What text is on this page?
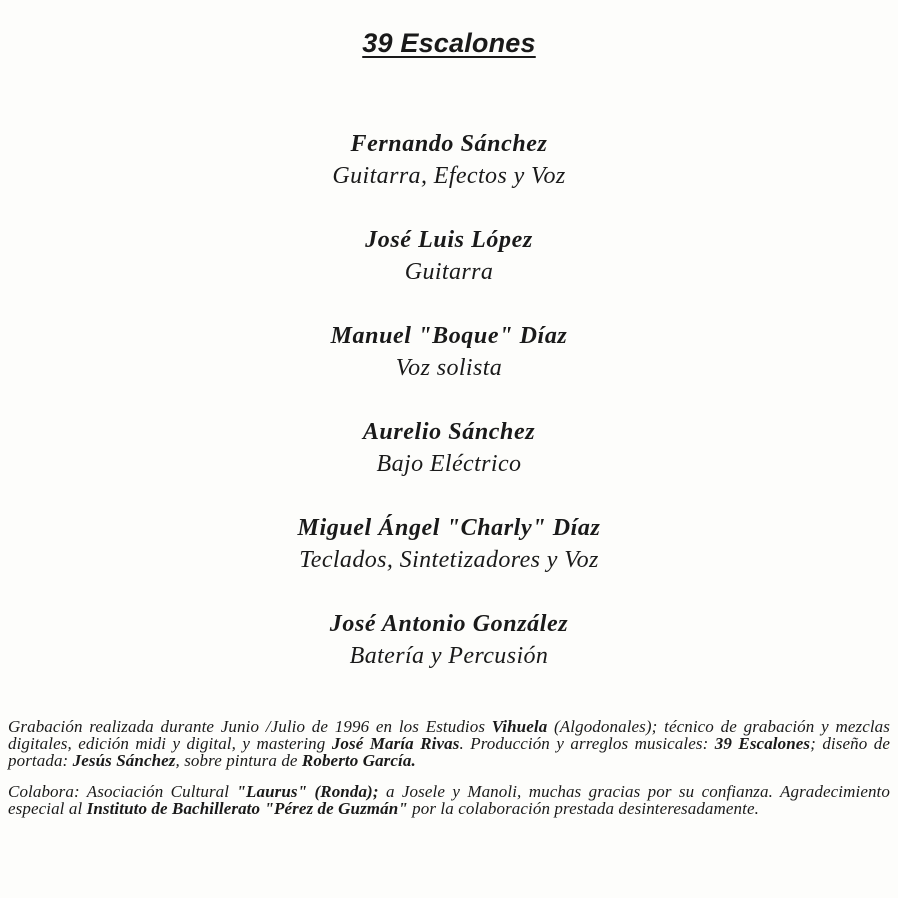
39 Escalones
Fernando Sánchez
Guitarra, Efectos y Voz
José Luis López
Guitarra
Manuel "Boque" Díaz
Voz solista
Aurelio Sánchez
Bajo Eléctrico
Miguel Ángel "Charly" Díaz
Teclados, Sintetizadores y Voz
José Antonio González
Batería y Percusión

Grabación realizada durante Junio /Julio de 1996 en los Estudios Vihuela (Algodonales); técnico de grabación y mezclas digitales, edición midi y digital, y mastering José María Rivas. Producción y arreglos musicales: 39 Escalones; diseño de portada: Jesús Sánchez, sobre pintura de Roberto García.

Colabora: Asociación Cultural "Laurus" (Ronda); a Josele y Manoli, muchas gracias por su confianza. Agradecimiento especial al Instituto de Bachillerato "Pérez de Guzmán" por la colaboración prestada desinteresadamente.
